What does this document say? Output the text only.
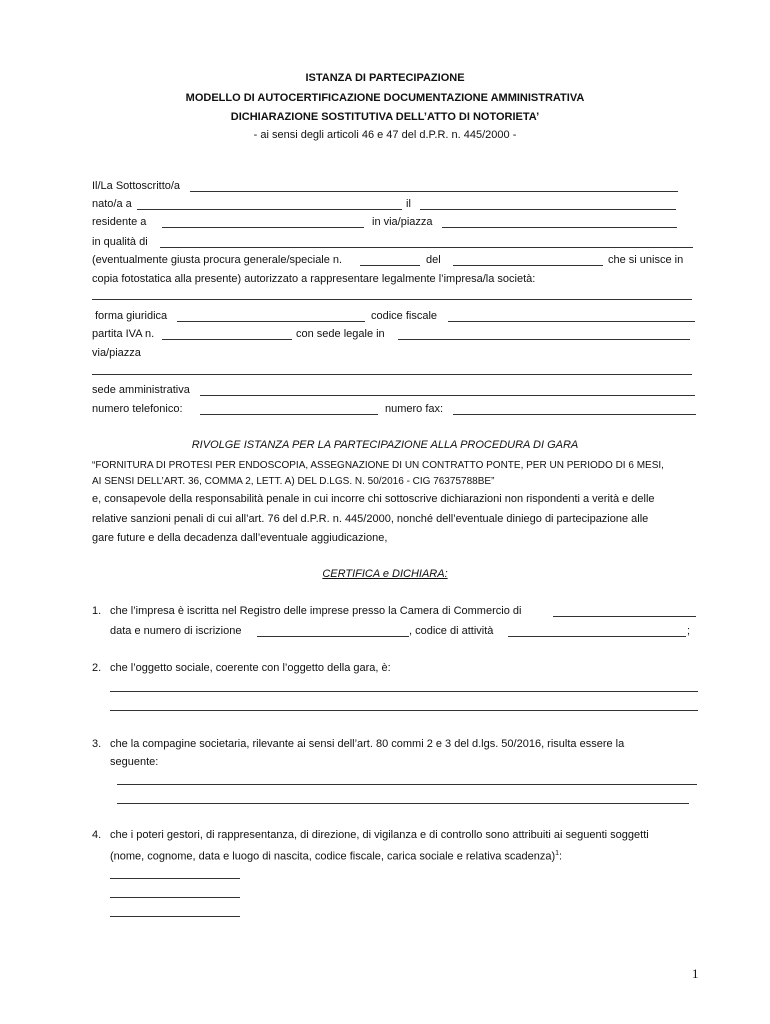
ISTANZA DI PARTECIPAZIONE
MODELLO DI AUTOCERTIFICAZIONE DOCUMENTAZIONE AMMINISTRATIVA
DICHIARAZIONE SOSTITUTIVA DELL’ATTO DI NOTORIETA’
- ai sensi degli articoli 46 e 47 del d.P.R. n. 445/2000 -
Il/La Sottoscritto/a
nato/a a	il
residente a	in via/piazza
in qualità di
(eventualmente giusta procura generale/speciale n.	del	che si unisce in
copia fotostatica alla presente) autorizzato a rappresentare legalmente l’impresa/la società:
forma giuridica	codice fiscale
partita IVA n.	con sede legale in
via/piazza
sede amministrativa
numero telefonico:	numero fax:
RIVOLGE ISTANZA PER LA PARTECIPAZIONE ALLA PROCEDURA DI GARA
“FORNITURA DI PROTESI PER ENDOSCOPIA, ASSEGNAZIONE DI UN CONTRATTO PONTE, PER UN PERIODO DI 6 MESI,
AI SENSI DELL’ART. 36, COMMA 2, LETT. A) DEL D.LGS. N. 50/2016 - CIG 76375788BE”
e, consapevole della responsabilità penale in cui incorre chi sottoscrive dichiarazioni non rispondenti a verità e delle
relative sanzioni penali di cui all’art. 76 del d.P.R. n. 445/2000, nonché dell’eventuale diniego di partecipazione alle
gare future e della decadenza dall’eventuale aggiudicazione,
CERTIFICA e DICHIARA:
1. che l’impresa è iscritta nel Registro delle imprese presso la Camera di Commercio di
data e numero di iscrizione	, codice di attività	;
2. che l’oggetto sociale, coerente con l’oggetto della gara, è:
3. che la compagine societaria, rilevante ai sensi dell’art. 80 commi 2 e 3 del d.lgs. 50/2016, risulta essere la
seguente:
4. che i poteri gestori, di rappresentanza, di direzione, di vigilanza e di controllo sono attribuiti ai seguenti soggetti
(nome, cognome, data e luogo di nascita, codice fiscale, carica sociale e relativa scadenza)$^1$:
1
